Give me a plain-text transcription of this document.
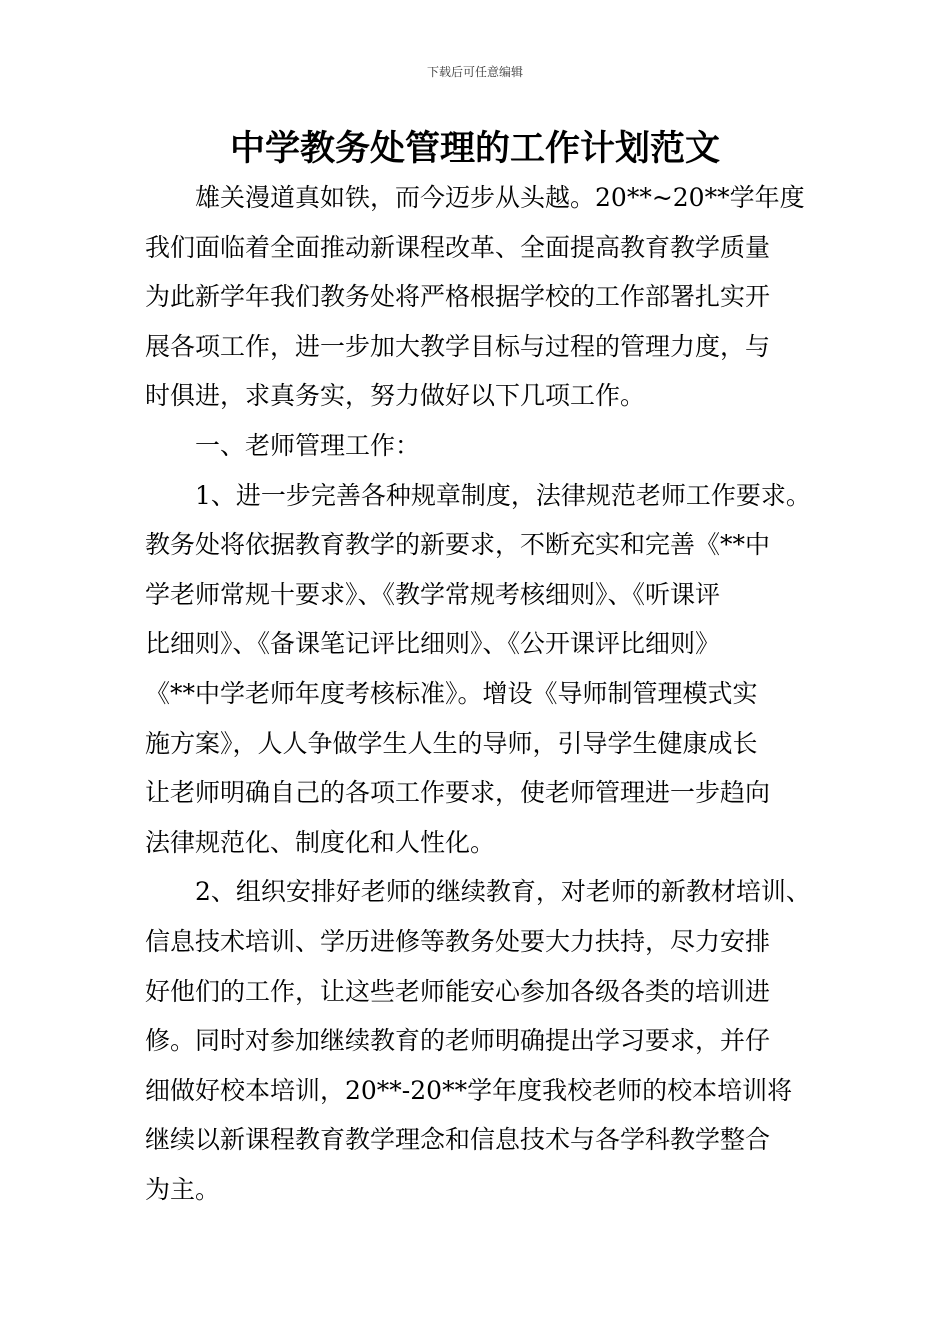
下载后可任意编辑
中学教务处管理的工作计划范文
雄关漫道真如铁，而今迈步从头越。20**~20**学年度
我们面临着全面推动新课程改革、全面提高教育教学质量
为此新学年我们教务处将严格根据学校的工作部署扎实开
展各项工作，进一步加大教学目标与过程的管理力度，与
时俱进，求真务实，努力做好以下几项工作。
一、老师管理工作：
1、进一步完善各种规章制度，法律规范老师工作要求。
教务处将依据教育教学的新要求，不断充实和完善《**中
学老师常规十要求》、《教学常规考核细则》、《听课评
比细则》、《备课笔记评比细则》、《公开课评比细则》
《**中学老师年度考核标准》。增设《导师制管理模式实
施方案》，人人争做学生人生的导师，引导学生健康成长
让老师明确自己的各项工作要求，使老师管理进一步趋向
法律规范化、制度化和人性化。
2、组织安排好老师的继续教育，对老师的新教材培训、
信息技术培训、学历进修等教务处要大力扶持，尽力安排
好他们的工作，让这些老师能安心参加各级各类的培训进
修。同时对参加继续教育的老师明确提出学习要求，并仔
细做好校本培训，20**-20**学年度我校老师的校本培训将
继续以新课程教育教学理念和信息技术与各学科教学整合
为主。
